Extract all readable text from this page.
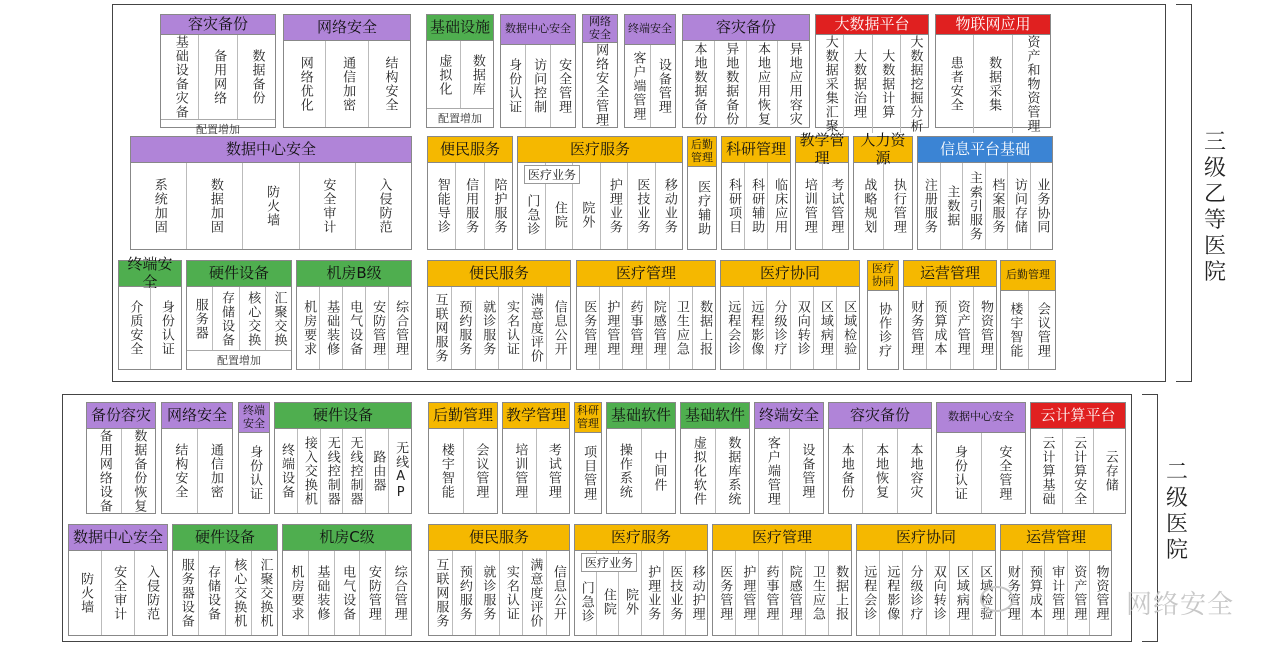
三
级
乙
等
医
院
二
级
医
院
容灾备份
基础设备灾备 备用网络 数据备份
配置增加
网络安全
网络优化 通信加密 结构安全
基础设施
虚拟化 数据库
配置增加
数据中心安全
身份认证 访问控制 安全管理
网络安全
网络安全管理
终端安全
客户端管理 设备管理
容灾备份
本地数据备份 异地数据备份 本地应用恢复 异地应用容灾
大数据平台
大数据采集汇聚 大数据治理 大数据计算 大数据挖掘分析
物联网应用
患者安全 数据采集 资产和物资管理
数据中心安全
系统加固	数据加固	防火墙	安全审计	入侵防范
便民服务
智能导诊 信用服务 陪护服务
医疗服务
医疗业务
门急诊 住院 院外 护理业务 医技业务 移动业务
后勤管理
医疗辅助
科研管理
科研项目 科研辅助 临床应用
教学管理
培训管理 考试管理
人力资源
战略规划 执行管理
信息平台基础
注册服务 主数据 主索引服务 档案服务 访问存储 业务协同
终端安全
介质安全 身份认证
硬件设备
服务器 存储设备 核心交换 汇聚交换
配置增加
机房B级
机房要求 基础装修 电气设备 安防管理 综合管理
便民服务
互联网服务 预约服务 就诊服务 实名认证 满意度评价 信息公开
医疗管理
医务管理 护理管理 药事管理 院感管理 卫生应急 数据上报
医疗协同
远程会诊 远程影像 分级诊疗 双向转诊 区域病理 区域检验
医疗协同
协作诊疗
运营管理
财务管理 预算成本 资产管理 物资管理
后勤管理
楼宇智能 会议管理
备份容灾
备用网络设备 数据备份恢复
网络安全
结构安全 通信加密
终端安全
身份认证
硬件设备
终端设备 接入交换机 无线控制器 无线控制器 路由器 无线AP
后勤管理
楼宇智能 会议管理
教学管理
培训管理 考试管理
科研管理
项目管理
基础软件
操作系统 中间件
基础软件
虚拟化软件 数据库系统
终端安全
客户端管理 设备管理
容灾备份
本地备份 本地恢复 本地容灾
数据中心安全
身份认证 安全管理
云计算平台
云计算基础 云计算安全 云存储
数据中心安全
防火墙 安全审计 入侵防范
硬件设备
服务器设备 存储设备 核心交换机 汇聚交换机
机房C级
机房要求 基础装修 电气设备 安防管理 综合管理
便民服务
互联网服务 预约服务 就诊服务 实名认证 满意度评价 信息公开
医疗服务
医疗业务
门急诊 住院 院外 护理业务 医技业务 移动护理
医疗管理
医务管理 护理管理 药事管理 院感管理 卫生应急 数据上报
医疗协同
远程会诊 远程影像 分级诊疗 双向转诊 区域病理 区域检验
运营管理
财务管理 预算成本 审计管理 资产管理 物资管理 网络安全
